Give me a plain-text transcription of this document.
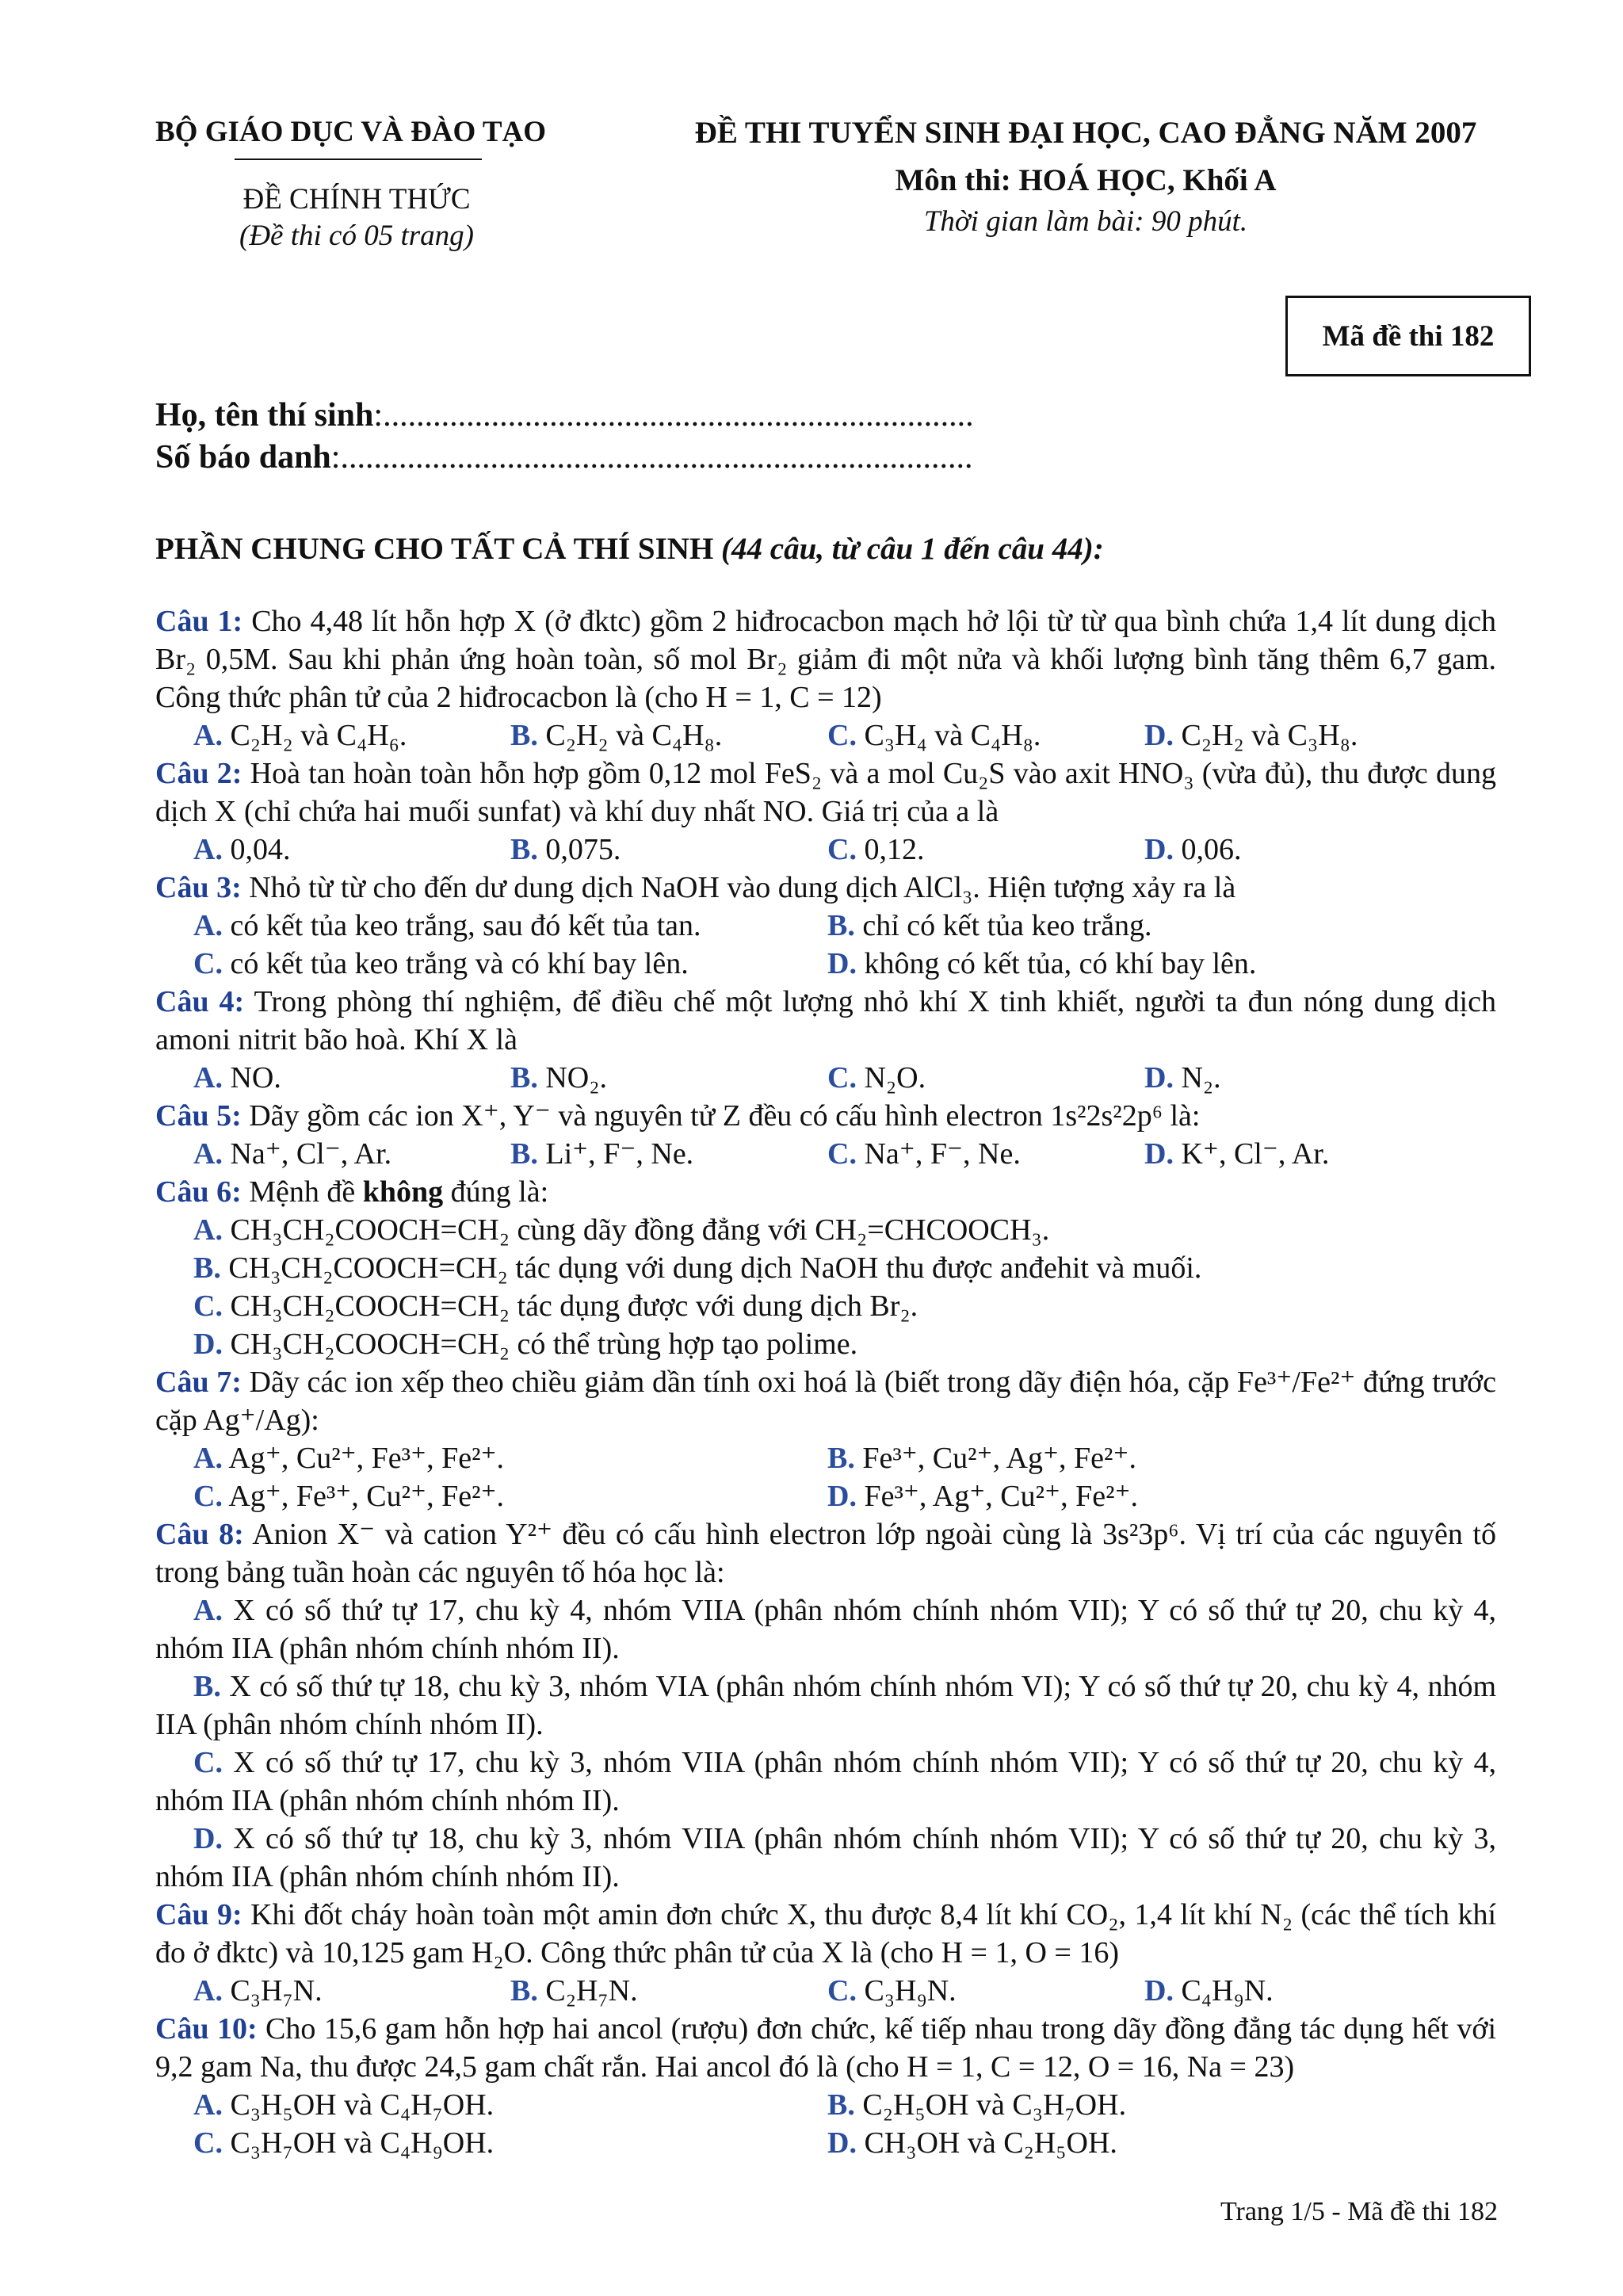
BỘ GIÁO DỤC VÀ ĐÀO TẠO
ĐỀ CHÍNH THỨC
(Đề thi có 05 trang)
ĐỀ THI TUYỂN SINH ĐẠI HỌC, CAO ĐẲNG NĂM 2007
Môn thi: HOÁ HỌC, Khối A
Thời gian làm bài: 90 phút.
Mã đề thi 182
Họ, tên thí sinh:.......................................................................
Số báo danh:............................................................................
PHẦN CHUNG CHO TẤT CẢ THÍ SINH (44 câu, từ câu 1 đến câu 44):

Câu 1: Cho 4,48 lít hỗn hợp X (ở đktc) gồm 2 hiđrocacbon mạch hở lội từ từ qua bình chứa 1,4 lít dung dịch Br₂ 0,5M. Sau khi phản ứng hoàn toàn, số mol Br₂ giảm đi một nửa và khối lượng bình tăng thêm 6,7 gam. Công thức phân tử của 2 hiđrocacbon là (cho H = 1, C = 12)

A. C₂H₂ và C₄H₆.	B. C₂H₂ và C₄H₈.	C. C₃H₄ và C₄H₈.	D. C₂H₂ và C₃H₈.

Câu 2: Hoà tan hoàn toàn hỗn hợp gồm 0,12 mol FeS₂ và a mol Cu₂S vào axit HNO₃ (vừa đủ), thu được dung dịch X (chỉ chứa hai muối sunfat) và khí duy nhất NO. Giá trị của a là

A. 0,04.	B. 0,075.	C. 0,12.	D. 0,06.

Câu 3: Nhỏ từ từ cho đến dư dung dịch NaOH vào dung dịch AlCl₃. Hiện tượng xảy ra là

A. có kết tủa keo trắng, sau đó kết tủa tan.	B. chỉ có kết tủa keo trắng.
C. có kết tủa keo trắng và có khí bay lên.	D. không có kết tủa, có khí bay lên.

Câu 4: Trong phòng thí nghiệm, để điều chế một lượng nhỏ khí X tinh khiết, người ta đun nóng dung dịch amoni nitrit bão hoà. Khí X là

A. NO.	B. NO₂.	C. N₂O.	D. N₂.

Câu 5: Dãy gồm các ion X⁺, Y⁻ và nguyên tử Z đều có cấu hình electron 1s²2s²2p⁶ là:

A. Na⁺, Cl⁻, Ar.	B. Li⁺, F⁻, Ne.	C. Na⁺, F⁻, Ne.	D. K⁺, Cl⁻, Ar.

Câu 6: Mệnh đề không đúng là:

A. CH₃CH₂COOCH=CH₂ cùng dãy đồng đẳng với CH₂=CHCOOCH₃.
B. CH₃CH₂COOCH=CH₂ tác dụng với dung dịch NaOH thu được anđehit và muối.
C. CH₃CH₂COOCH=CH₂ tác dụng được với dung dịch Br₂.
D. CH₃CH₂COOCH=CH₂ có thể trùng hợp tạo polime.

Câu 7: Dãy các ion xếp theo chiều giảm dần tính oxi hoá là (biết trong dãy điện hóa, cặp Fe³⁺/Fe²⁺ đứng trước cặp Ag⁺/Ag):

A. Ag⁺, Cu²⁺, Fe³⁺, Fe²⁺.	B. Fe³⁺, Cu²⁺, Ag⁺, Fe²⁺.
C. Ag⁺, Fe³⁺, Cu²⁺, Fe²⁺.	D. Fe³⁺, Ag⁺, Cu²⁺, Fe²⁺.

Câu 8: Anion X⁻ và cation Y²⁺ đều có cấu hình electron lớp ngoài cùng là 3s²3p⁶. Vị trí của các nguyên tố trong bảng tuần hoàn các nguyên tố hóa học là:

A. X có số thứ tự 17, chu kỳ 4, nhóm VIIA (phân nhóm chính nhóm VII); Y có số thứ tự 20, chu kỳ 4, nhóm IIA (phân nhóm chính nhóm II).

B. X có số thứ tự 18, chu kỳ 3, nhóm VIA (phân nhóm chính nhóm VI); Y có số thứ tự 20, chu kỳ 4, nhóm IIA (phân nhóm chính nhóm II).

C. X có số thứ tự 17, chu kỳ 3, nhóm VIIA (phân nhóm chính nhóm VII); Y có số thứ tự 20, chu kỳ 4, nhóm IIA (phân nhóm chính nhóm II).

D. X có số thứ tự 18, chu kỳ 3, nhóm VIIA (phân nhóm chính nhóm VII); Y có số thứ tự 20, chu kỳ 3, nhóm IIA (phân nhóm chính nhóm II).

Câu 9: Khi đốt cháy hoàn toàn một amin đơn chức X, thu được 8,4 lít khí CO₂, 1,4 lít khí N₂ (các thể tích khí đo ở đktc) và 10,125 gam H₂O. Công thức phân tử của X là (cho H = 1, O = 16)

A. C₃H₇N.	B. C₂H₇N.	C. C₃H₉N.	D. C₄H₉N.

Câu 10: Cho 15,6 gam hỗn hợp hai ancol (rượu) đơn chức, kế tiếp nhau trong dãy đồng đẳng tác dụng hết với 9,2 gam Na, thu được 24,5 gam chất rắn. Hai ancol đó là (cho H = 1, C = 12, O = 16, Na = 23)

A. C₃H₅OH và C₄H₇OH.	B. C₂H₅OH và C₃H₇OH.
C. C₃H₇OH và C₄H₉OH.	D. CH₃OH và C₂H₅OH.
Trang 1/5 - Mã đề thi 182
